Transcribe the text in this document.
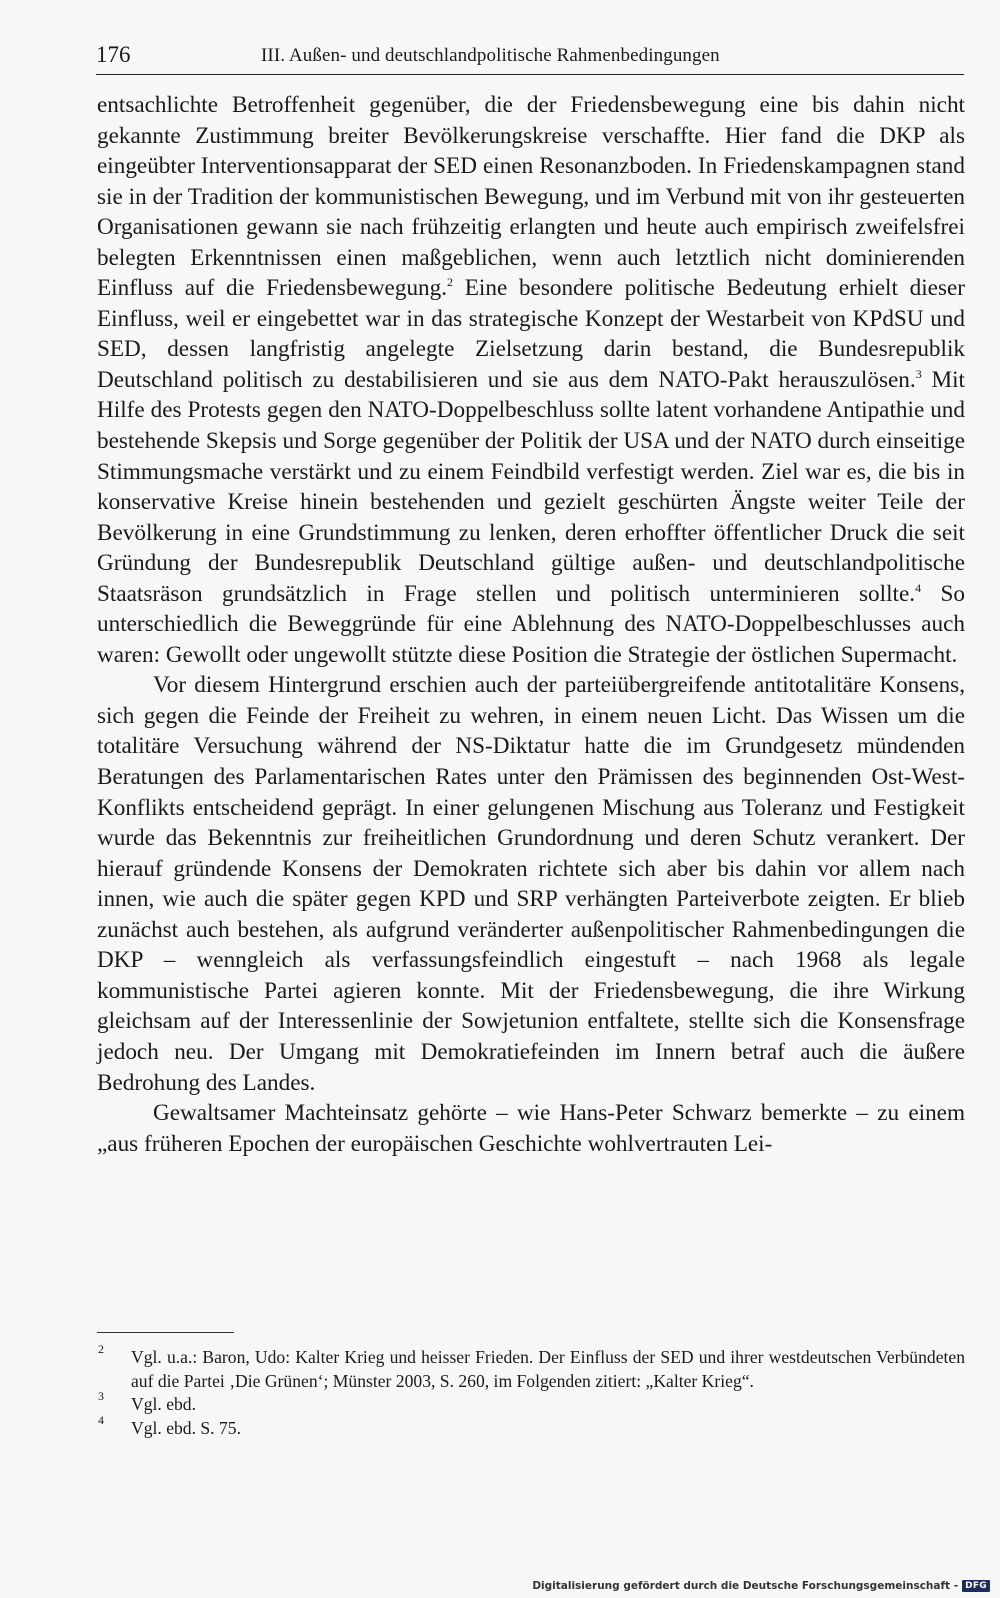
176	III. Außen- und deutschlandpolitische Rahmenbedingungen

entsachlichte Betroffenheit gegenüber, die der Friedensbewegung eine bis dahin nicht gekannte Zustimmung breiter Bevölkerungskreise verschaffte. Hier fand die DKP als eingeübter Interventionsapparat der SED einen Resonanzboden. In Friedenskampagnen stand sie in der Tradition der kommunistischen Bewegung, und im Verbund mit von ihr gesteuerten Organisationen gewann sie nach frühzeitig erlangten und heute auch empirisch zweifelsfrei belegten Erkenntnissen einen maßgeblichen, wenn auch letztlich nicht dominierenden Einfluss auf die Friedensbewegung.$^2$ Eine besondere politische Bedeutung erhielt dieser Einfluss, weil er eingebettet war in das strategische Konzept der Westarbeit von KPdSU und SED, dessen langfristig angelegte Zielsetzung darin bestand, die Bundesrepublik Deutschland politisch zu destabilisieren und sie aus dem NATO-Pakt herauszulösen.$^3$ Mit Hilfe des Protests gegen den NATO-Doppelbeschluss sollte latent vorhandene Antipathie und bestehende Skepsis und Sorge gegenüber der Politik der USA und der NATO durch einseitige Stimmungsmache verstärkt und zu einem Feindbild verfestigt werden. Ziel war es, die bis in konservative Kreise hinein bestehenden und gezielt geschürten Ängste weiter Teile der Bevölkerung in eine Grundstimmung zu lenken, deren erhoffter öffentlicher Druck die seit Gründung der Bundesrepublik Deutschland gültige außen- und deutschlandpolitische Staatsräson grundsätzlich in Frage stellen und politisch unterminieren sollte.$^4$ So unterschiedlich die Beweggründe für eine Ablehnung des NATO-Doppelbeschlusses auch waren: Gewollt oder ungewollt stützte diese Position die Strategie der östlichen Supermacht.

Vor diesem Hintergrund erschien auch der parteiübergreifende antitotalitäre Konsens, sich gegen die Feinde der Freiheit zu wehren, in einem neuen Licht. Das Wissen um die totalitäre Versuchung während der NS-Diktatur hatte die im Grundgesetz mündenden Beratungen des Parlamentarischen Rates unter den Prämissen des beginnenden Ost-West-Konflikts entscheidend geprägt. In einer gelungenen Mischung aus Toleranz und Festigkeit wurde das Bekenntnis zur freiheitlichen Grundordnung und deren Schutz verankert. Der hierauf gründende Konsens der Demokraten richtete sich aber bis dahin vor allem nach innen, wie auch die später gegen KPD und SRP verhängten Parteiverbote zeigten. Er blieb zunächst auch bestehen, als aufgrund veränderter außenpolitischer Rahmenbedingungen die DKP – wenngleich als verfassungsfeindlich eingestuft – nach 1968 als legale kommunistische Partei agieren konnte. Mit der Friedensbewegung, die ihre Wirkung gleichsam auf der Interessenlinie der Sowjetunion entfaltete, stellte sich die Konsensfrage jedoch neu. Der Umgang mit Demokratiefeinden im Innern betraf auch die äußere Bedrohung des Landes.

Gewaltsamer Machteinsatz gehörte – wie Hans-Peter Schwarz bemerkte – zu einem „aus früheren Epochen der europäischen Geschichte wohlvertrauten Lei-

2 Vgl. u.a.: Baron, Udo: Kalter Krieg und heisser Frieden. Der Einfluss der SED und ihrer westdeutschen Verbündeten auf die Partei ‚Die Grünen‘; Münster 2003, S. 260, im Folgenden zitiert: „Kalter Krieg“.

3 Vgl. ebd.

4 Vgl. ebd. S. 75.

Digitalisierung gefördert durch die Deutsche Forschungsgemeinschaft - DFG
